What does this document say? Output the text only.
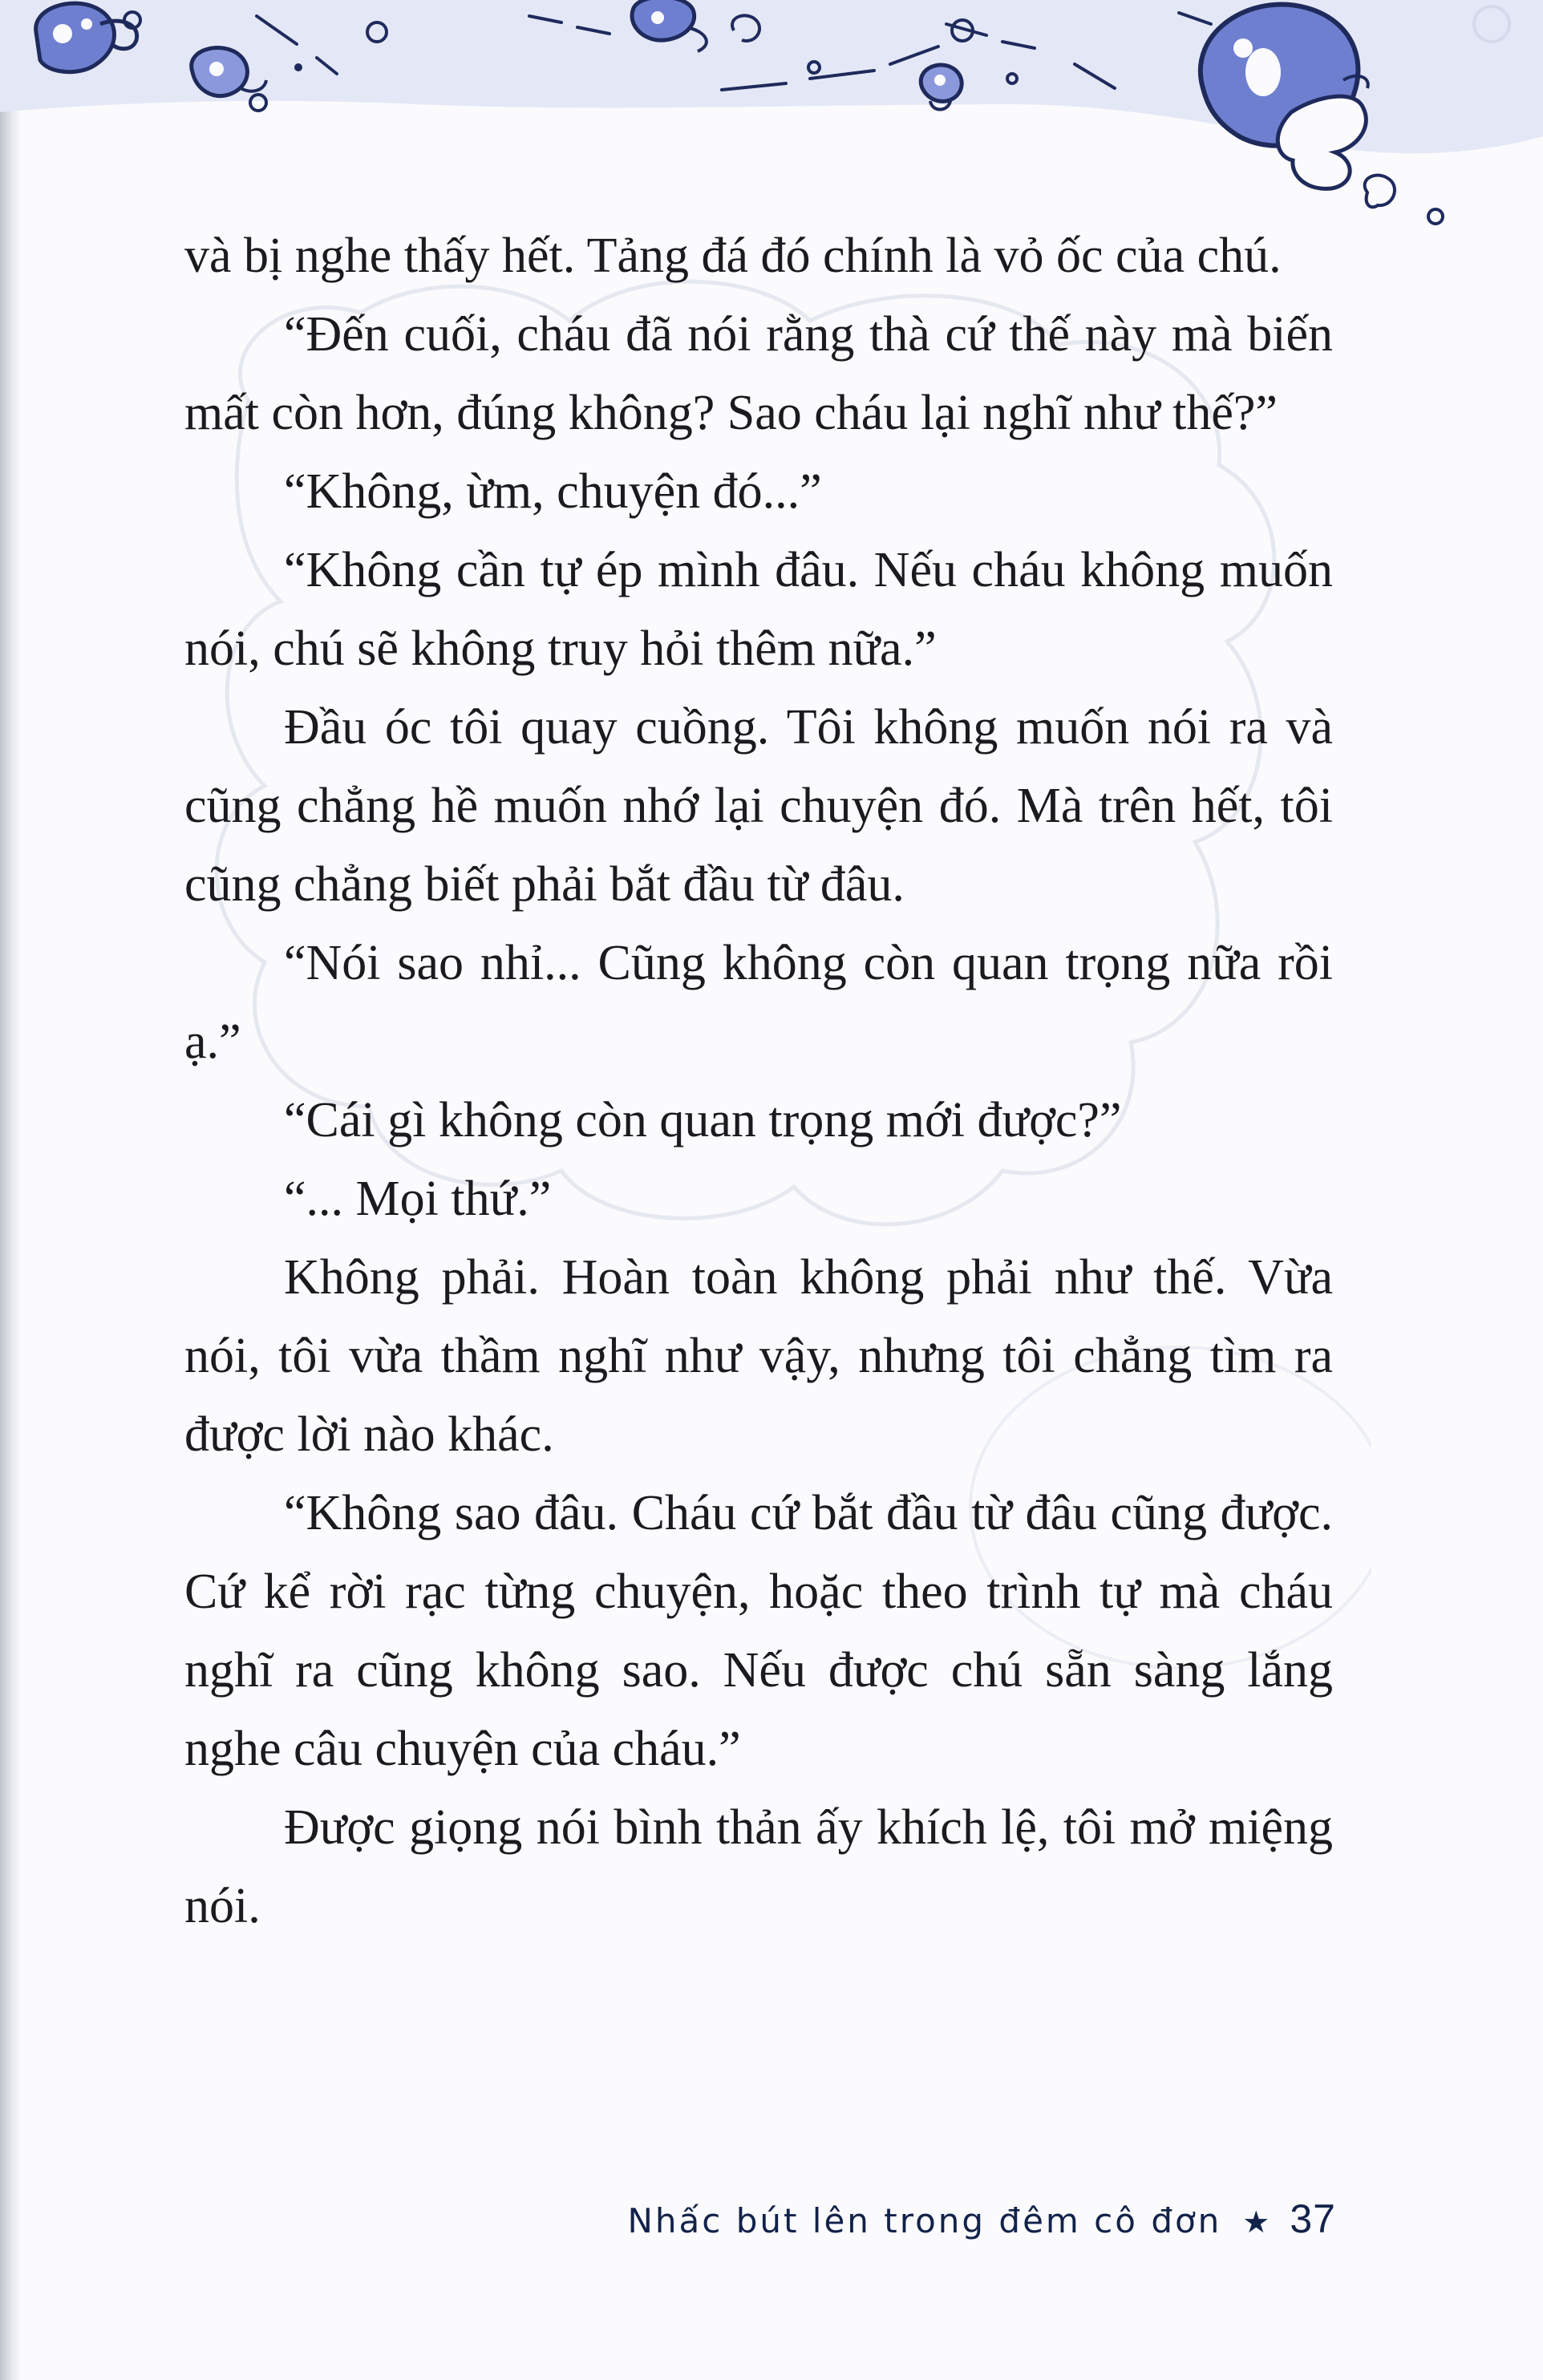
và bị nghe thấy hết. Tảng đá đó chính là vỏ ốc của chú.

“Đến cuối, cháu đã nói rằng thà cứ thế này mà biến mất còn hơn, đúng không? Sao cháu lại nghĩ như thế?”

“Không, ừm, chuyện đó...”

“Không cần tự ép mình đâu. Nếu cháu không muốn nói, chú sẽ không truy hỏi thêm nữa.”

Đầu óc tôi quay cuồng. Tôi không muốn nói ra và cũng chẳng hề muốn nhớ lại chuyện đó. Mà trên hết, tôi cũng chẳng biết phải bắt đầu từ đâu.

“Nói sao nhỉ... Cũng không còn quan trọng nữa rồi ạ.”

“Cái gì không còn quan trọng mới được?”

“... Mọi thứ.”

Không phải. Hoàn toàn không phải như thế. Vừa nói, tôi vừa thầm nghĩ như vậy, nhưng tôi chẳng tìm ra được lời nào khác.

“Không sao đâu. Cháu cứ bắt đầu từ đâu cũng được. Cứ kể rời rạc từng chuyện, hoặc theo trình tự mà cháu nghĩ ra cũng không sao. Nếu được chú sẵn sàng lắng nghe câu chuyện của cháu.”

Được giọng nói bình thản ấy khích lệ, tôi mở miệng nói.

Nhấc bút lên trong đêm cô đơn ★ 37
